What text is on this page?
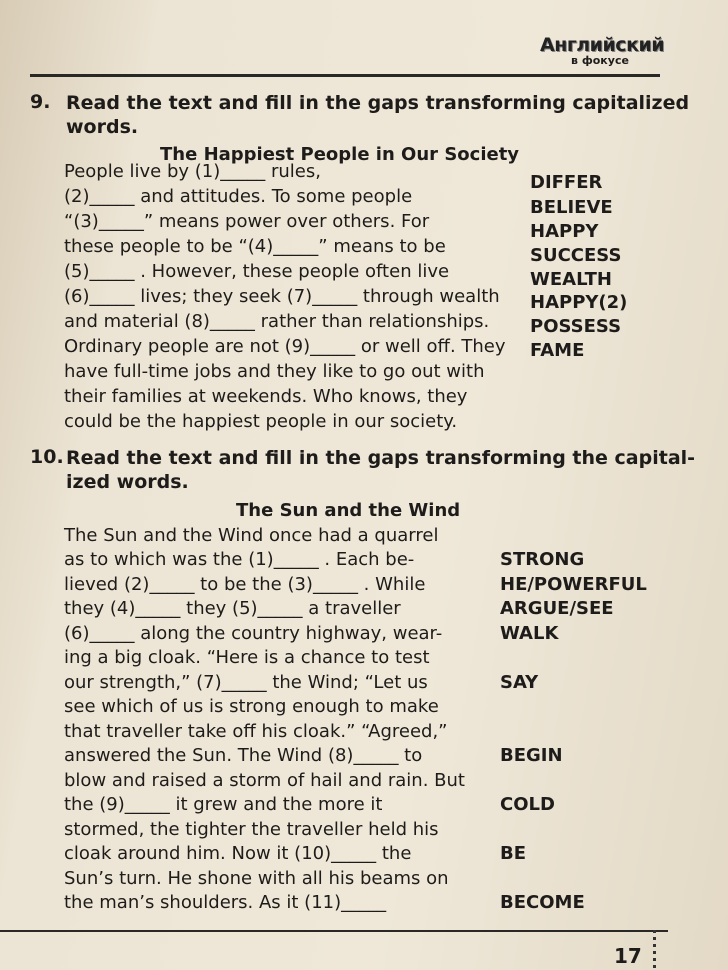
Английский
в фокусе
9. Read the text and fill in the gaps transforming capitalized
words.
The Happiest People in Our Society
People live by (1)_____ rules,
(2)_____ and attitudes. To some people
“(3)_____” means power over others. For
these people to be “(4)_____” means to be
(5)_____ . However, these people often live
(6)_____ lives; they seek (7)_____ through wealth
and material (8)_____ rather than relationships.
Ordinary people are not (9)_____ or well off. They
have full-time jobs and they like to go out with
their families at weekends. Who knows, they
could be the happiest people in our society.
DIFFER
BELIEVE
HAPPY
SUCCESS
WEALTH
HAPPY(2)
POSSESS
FAME
10. Read the text and fill in the gaps transforming the capital-
ized words.
The Sun and the Wind
The Sun and the Wind once had a quarrel
as to which was the (1)_____ . Each be-
lieved (2)_____ to be the (3)_____ . While
they (4)_____ they (5)_____ a traveller
(6)_____ along the country highway, wear-
ing a big cloak. “Here is a chance to test
our strength,” (7)_____ the Wind; “Let us
see which of us is strong enough to make
that traveller take off his cloak.” “Agreed,”
answered the Sun. The Wind (8)_____ to
blow and raised a storm of hail and rain. But
the (9)_____ it grew and the more it
stormed, the tighter the traveller held his
cloak around him. Now it (10)_____ the
Sun’s turn. He shone with all his beams on
the man’s shoulders. As it (11)_____
STRONG
HE/POWERFUL
ARGUE/SEE
WALK
SAY
BEGIN
COLD
BE
BECOME
17
